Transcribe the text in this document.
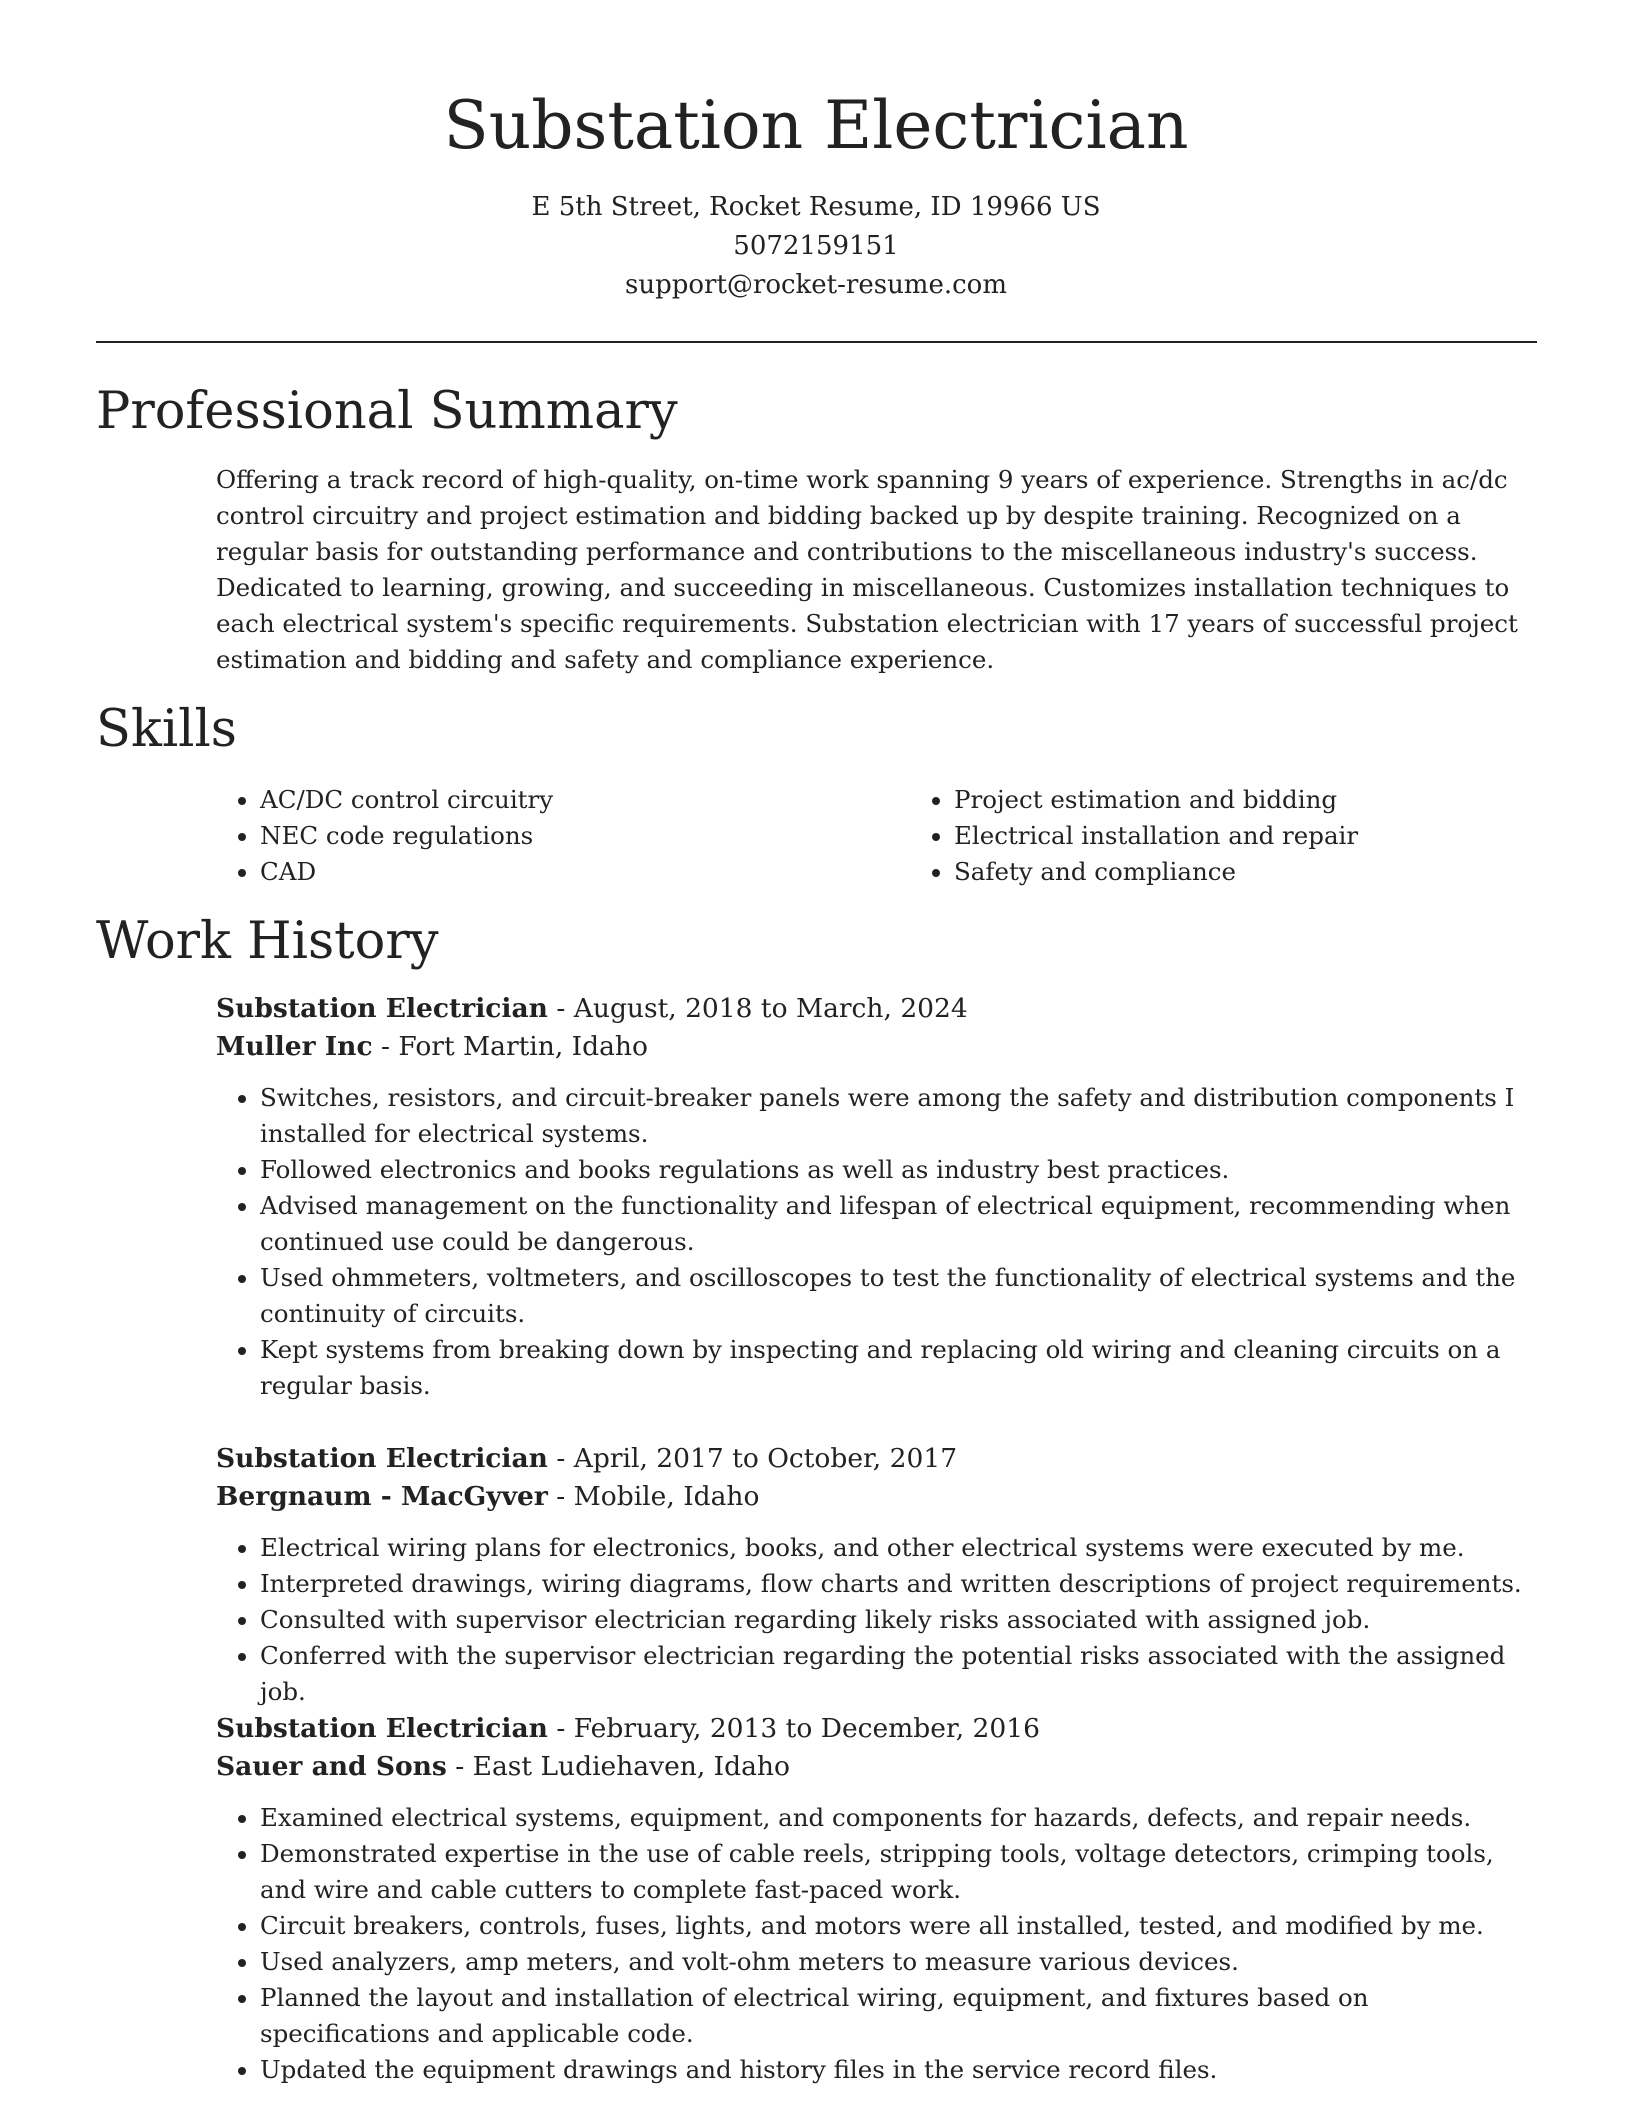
Substation Electrician
E 5th Street, Rocket Resume, ID 19966 US
5072159151
support@rocket-resume.com
Professional Summary

Offering a track record of high-quality, on-time work spanning 9 years of experience. Strengths in ac/dc control circuitry and project estimation and bidding backed up by despite training. Recognized on a regular basis for outstanding performance and contributions to the miscellaneous industry's success. Dedicated to learning, growing, and succeeding in miscellaneous. Customizes installation techniques to each electrical system's specific requirements. Substation electrician with 17 years of successful project estimation and bidding and safety and compliance experience.

Skills
• AC/DC control circuitry
• NEC code regulations
• CAD
• Project estimation and bidding
• Electrical installation and repair
• Safety and compliance
Work History
Substation Electrician - August, 2018 to March, 2024
Muller Inc - Fort Martin, Idaho
• Switches, resistors, and circuit-breaker panels were among the safety and distribution components I installed for electrical systems.
• Followed electronics and books regulations as well as industry best practices.
• Advised management on the functionality and lifespan of electrical equipment, recommending when continued use could be dangerous.
• Used ohmmeters, voltmeters, and oscilloscopes to test the functionality of electrical systems and the continuity of circuits.
• Kept systems from breaking down by inspecting and replacing old wiring and cleaning circuits on a regular basis.
Substation Electrician - April, 2017 to October, 2017
Bergnaum - MacGyver - Mobile, Idaho
• Electrical wiring plans for electronics, books, and other electrical systems were executed by me.
• Interpreted drawings, wiring diagrams, flow charts and written descriptions of project requirements.
• Consulted with supervisor electrician regarding likely risks associated with assigned job.
• Conferred with the supervisor electrician regarding the potential risks associated with the assigned job.
Substation Electrician - February, 2013 to December, 2016
Sauer and Sons - East Ludiehaven, Idaho
• Examined electrical systems, equipment, and components for hazards, defects, and repair needs.
• Demonstrated expertise in the use of cable reels, stripping tools, voltage detectors, crimping tools, and wire and cable cutters to complete fast-paced work.
• Circuit breakers, controls, fuses, lights, and motors were all installed, tested, and modified by me.
• Used analyzers, amp meters, and volt-ohm meters to measure various devices.
• Planned the layout and installation of electrical wiring, equipment, and fixtures based on specifications and applicable code.
• Updated the equipment drawings and history files in the service record files.
